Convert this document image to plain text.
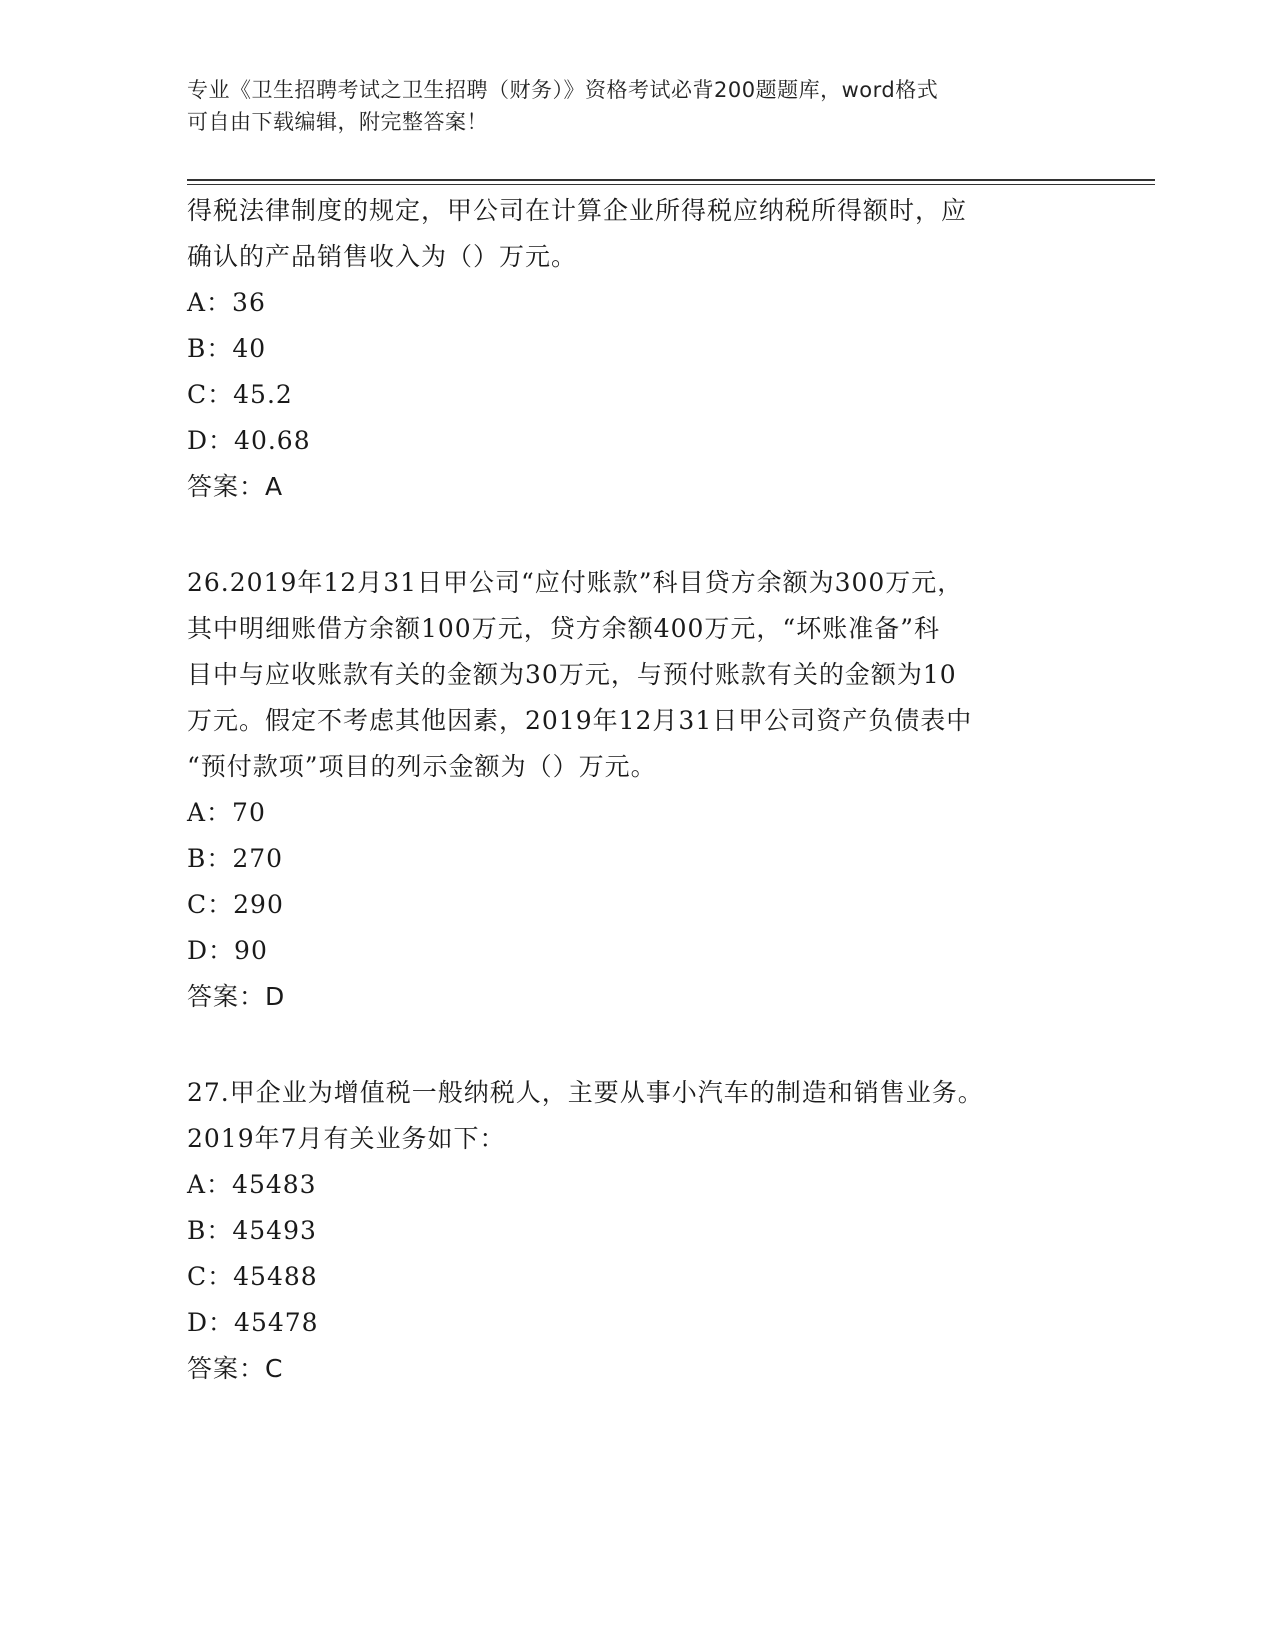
专业《卫生招聘考试之卫生招聘（财务）》资格考试必背200题题库，word格式
可自由下载编辑，附完整答案！

得税法律制度的规定，甲公司在计算企业所得税应纳税所得额时，应

确认的产品销售收入为（）万元。

A：36
B：40
C：45.2
D：40.68

答案：A

26.2019年12月31日甲公司“应付账款”科目贷方余额为300万元，

其中明细账借方余额100万元，贷方余额400万元，“坏账准备”科

目中与应收账款有关的金额为30万元，与预付账款有关的金额为10

万元。假定不考虑其他因素，2019年12月31日甲公司资产负债表中

“预付款项”项目的列示金额为（）万元。

A：70
B：270
C：290
D：90

答案：D

27.甲企业为增值税一般纳税人，主要从事小汽车的制造和销售业务。

2019年7月有关业务如下：

A：45483
B：45493
C：45488
D：45478

答案：C
